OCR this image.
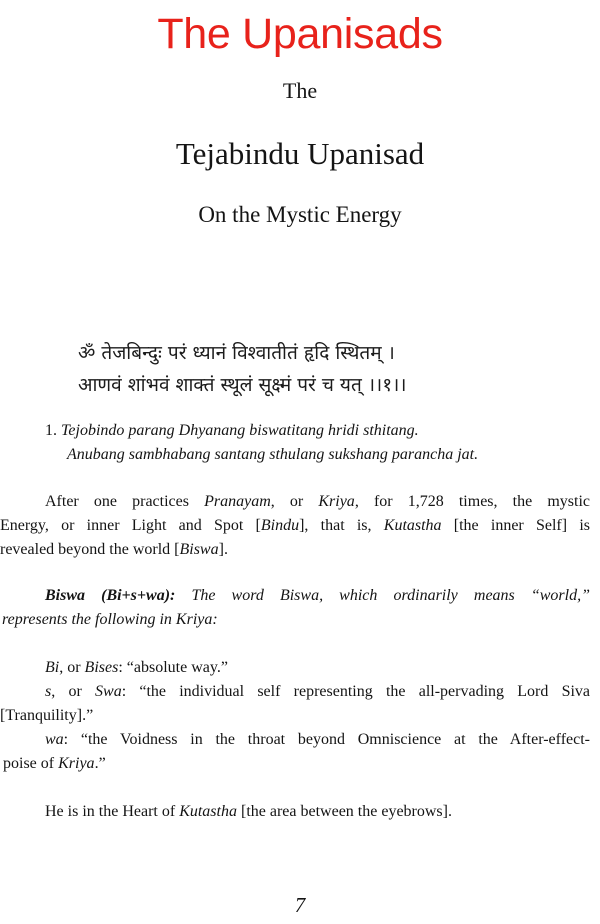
The Upanisads
The
Tejabindu Upanisad
On the Mystic Energy
ॐ तेजबिन्दुः परं ध्यानं विश्वातीतं हृदि स्थितम् ।
आणवं शांभवं शाक्तं स्थूलं सूक्ष्मं परं च यत् ।।१।।
1. Tejobindo parang Dhyanang biswatitang hridi sthitang.
Anubang sambhabang santang sthulang sukshang parancha jat.
After one practices Pranayam, or Kriya, for 1,728 times, the mystic
Energy, or inner Light and Spot [Bindu], that is, Kutastha [the inner Self] is
revealed beyond the world [Biswa].
Biswa (Bi+s+wa): The word Biswa, which ordinarily means “world,”
represents the following in Kriya:
Bi, or Bises: “absolute way.”
s, or Swa: “the individual self representing the all-pervading Lord Siva
[Tranquility].”
wa: “the Voidness in the throat beyond Omniscience at the After-effect-
poise of Kriya.”
He is in the Heart of Kutastha [the area between the eyebrows].
7
